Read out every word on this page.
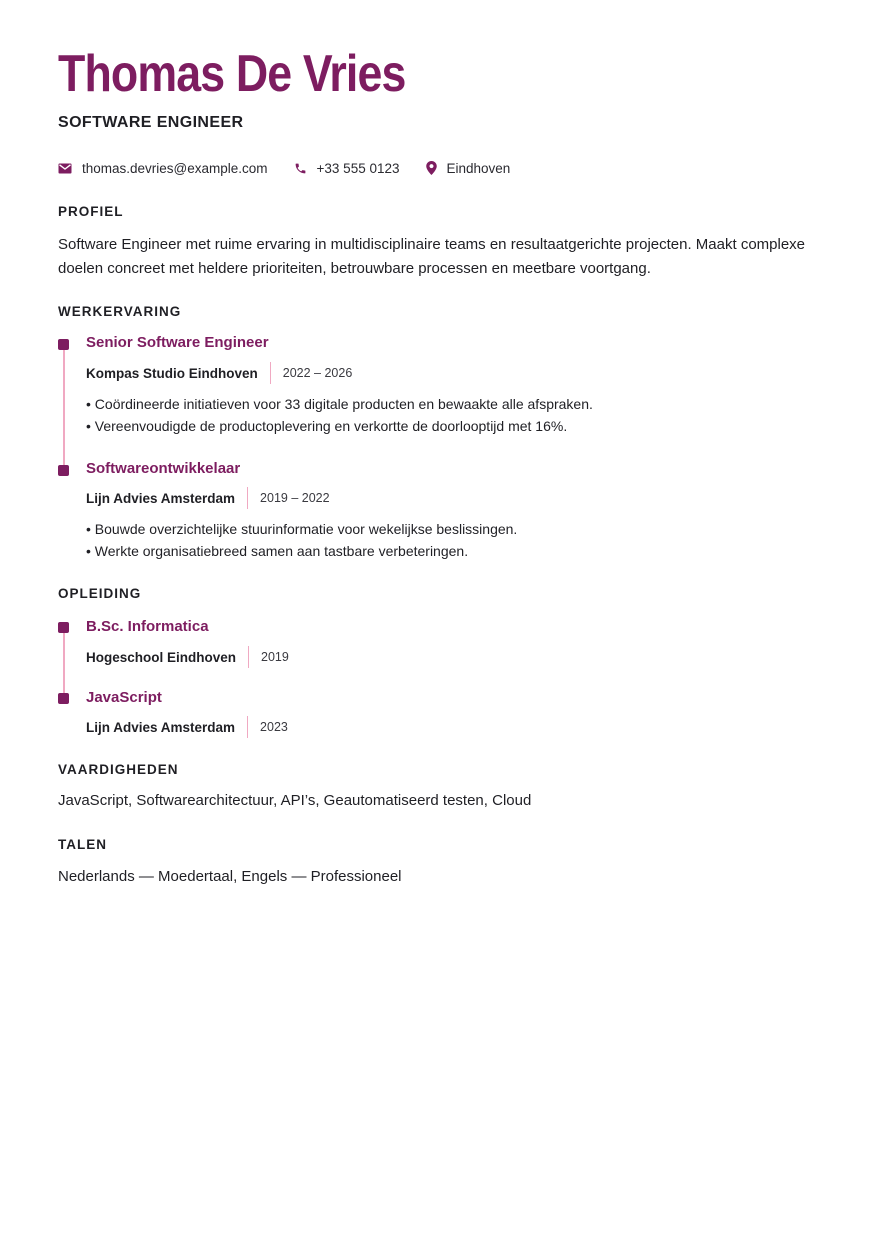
Thomas De Vries
SOFTWARE ENGINEER
thomas.devries@example.com	+33 555 0123	Eindhoven
PROFIEL

Software Engineer met ruime ervaring in multidisciplinaire teams en resultaatgerichte projecten. Maakt complexe doelen concreet met heldere prioriteiten, betrouwbare processen en meetbare voortgang.

WERKERVARING
Senior Software Engineer
Kompas Studio Eindhoven 2022 – 2026
• Coördineerde initiatieven voor 33 digitale producten en bewaakte alle afspraken.
• Vereenvoudigde de productoplevering en verkortte de doorlooptijd met 16%.
Softwareontwikkelaar
Lijn Advies Amsterdam 2019 – 2022
• Bouwde overzichtelijke stuurinformatie voor wekelijkse beslissingen.
• Werkte organisatiebreed samen aan tastbare verbeteringen.
OPLEIDING
B.Sc. Informatica
Hogeschool Eindhoven 2019
JavaScript
Lijn Advies Amsterdam 2023
VAARDIGHEDEN

JavaScript, Softwarearchitectuur, API’s, Geautomatiseerd testen, Cloud

TALEN

Nederlands — Moedertaal, Engels — Professioneel
